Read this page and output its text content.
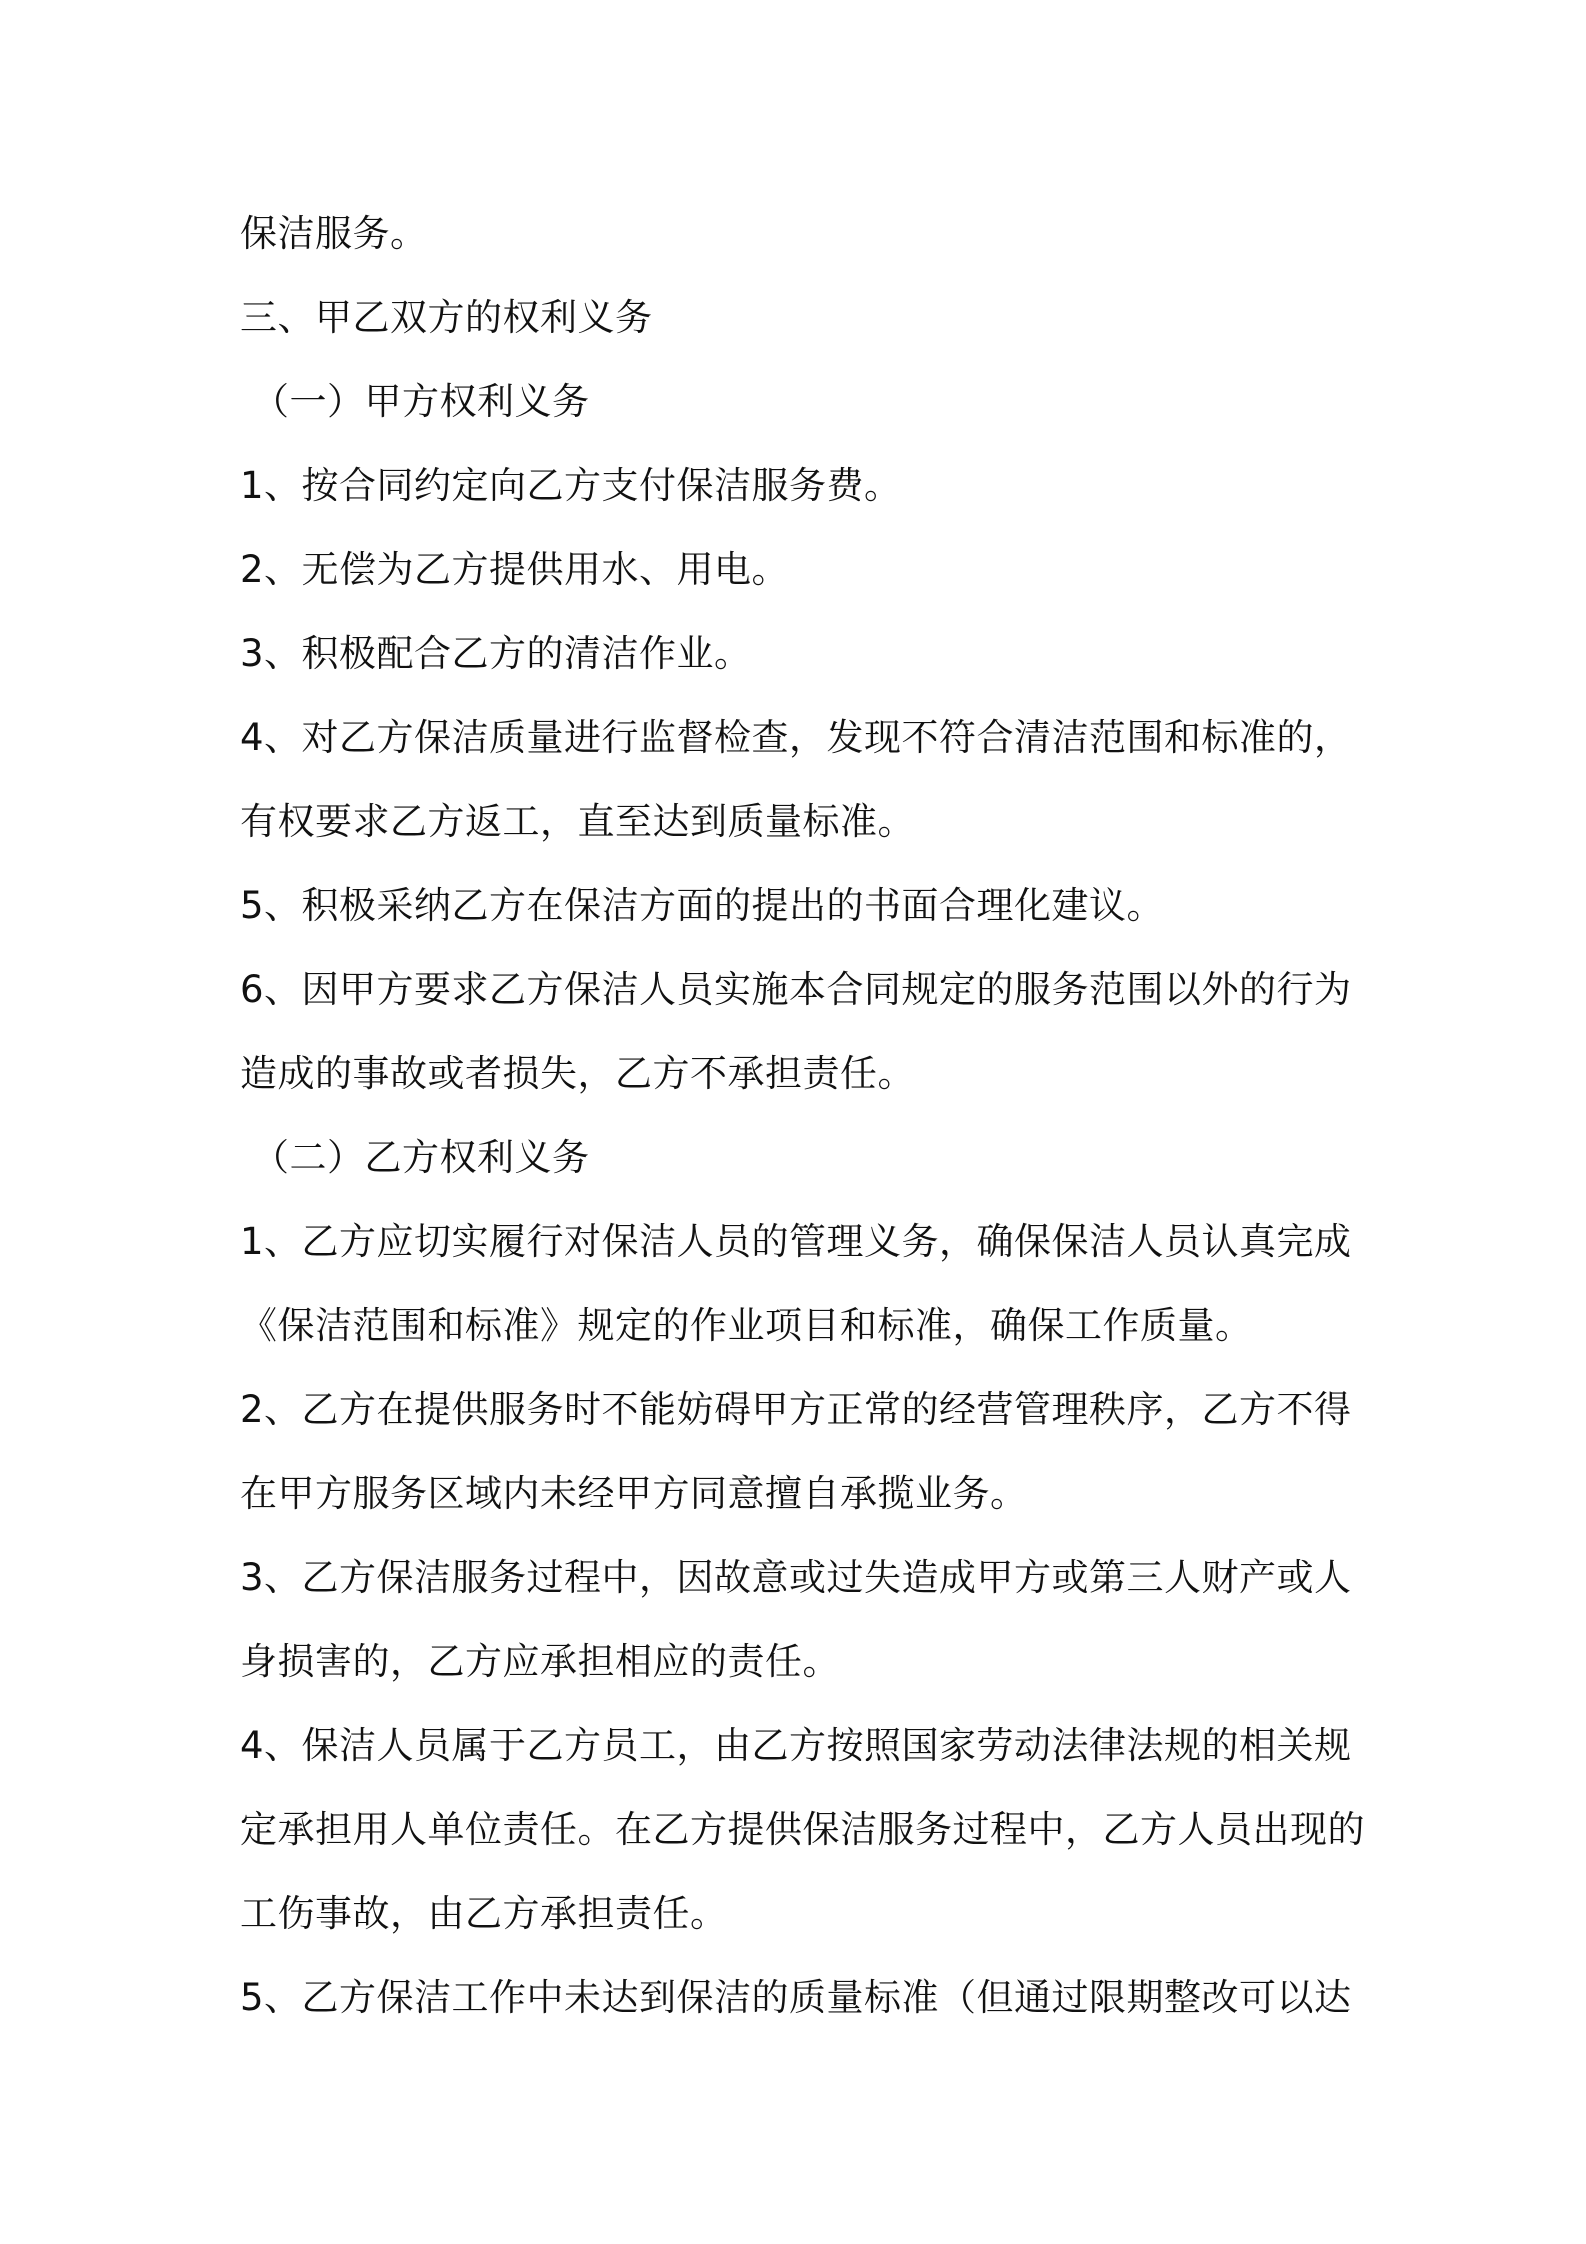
保洁服务。
三、甲乙双方的权利义务
（一）甲方权利义务
1、按合同约定向乙方支付保洁服务费。
2、无偿为乙方提供用水、用电。
3、积极配合乙方的清洁作业。
4、对乙方保洁质量进行监督检查，发现不符合清洁范围和标准的，
有权要求乙方返工，直至达到质量标准。
5、积极采纳乙方在保洁方面的提出的书面合理化建议。
6、因甲方要求乙方保洁人员实施本合同规定的服务范围以外的行为
造成的事故或者损失，乙方不承担责任。
（二）乙方权利义务
1、乙方应切实履行对保洁人员的管理义务，确保保洁人员认真完成
《保洁范围和标准》规定的作业项目和标准，确保工作质量。
2、乙方在提供服务时不能妨碍甲方正常的经营管理秩序，乙方不得
在甲方服务区域内未经甲方同意擅自承揽业务。
3、乙方保洁服务过程中，因故意或过失造成甲方或第三人财产或人
身损害的，乙方应承担相应的责任。
4、保洁人员属于乙方员工，由乙方按照国家劳动法律法规的相关规
定承担用人单位责任。在乙方提供保洁服务过程中，乙方人员出现的
工伤事故，由乙方承担责任。
5、乙方保洁工作中未达到保洁的质量标准（但通过限期整改可以达
